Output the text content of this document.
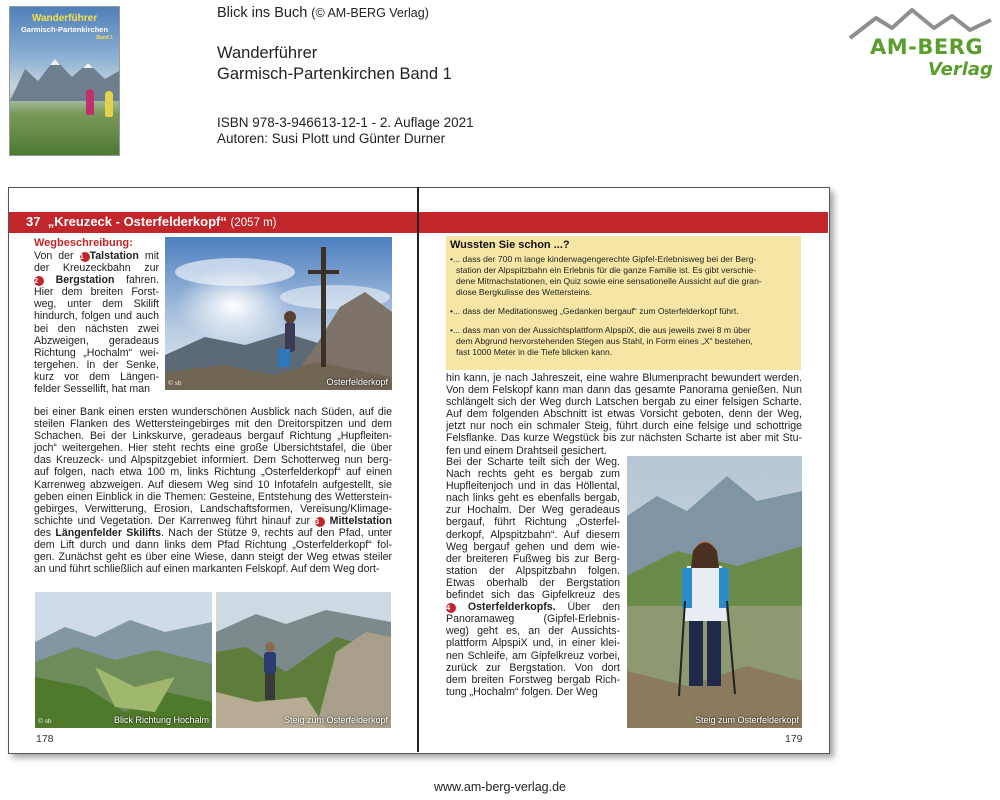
Wanderführer
Garmisch-Partenkirchen
Band 1
Blick ins Buch (© AM-BERG Verlag)
Wanderführer
Garmisch-Partenkirchen Band 1
ISBN 978-3-946613-12-1 - 2. Auflage 2021
Autoren: Susi Plott und Günter Durner
AM-BERG
Verlag
37 „Kreuzeck - Osterfelderkopf“ (2057 m)
Wegbeschreibung:
Von der 1 Talstation mit
der Kreuzeckbahn zur
2 Bergstation fahren.
Hier dem breiten Forst-
weg, unter dem Skilift
hindurch, folgen und auch
bei den nächsten zwei
Abzweigen, geradeaus
Richtung „Hochalm“ wei-
tergehen. In der Senke,
kurz vor dem Längen-
felder Sessellift, hat man
bei einer Bank einen ersten wunderschönen Ausblick nach Süden, auf die
steilen Flanken des Wettersteingebirges mit den Dreitorspitzen und dem
Schachen. Bei der Linkskurve, geradeaus bergauf Richtung „Hupfleiten-
joch“ weitergehen. Hier steht rechts eine große Übersichtstafel, die über
das Kreuzeck- und Alpspitzgebiet informiert. Dem Schotterweg nun berg-
auf folgen, nach etwa 100 m, links Richtung „Osterfelderkopf“ auf einen
Karrenweg abzweigen. Auf diesem Weg sind 10 Infotafeln aufgestellt, sie
geben einen Einblick in die Themen: Gesteine, Entstehung des Wetterstein-
gebirges, Verwitterung, Erosion, Landschaftsformen, Vereisung/Klimage-
schichte und Vegetation. Der Karrenweg führt hinauf zur 3 Mittelstation
des Längenfelder Skilifts. Nach der Stütze 9, rechts auf den Pfad, unter
dem Lift durch und dann links dem Pfad Richtung „Osterfelderkopf“ fol-
gen. Zunächst geht es über eine Wiese, dann steigt der Weg etwas steiler
an und führt schließlich auf einen markanten Felskopf. Auf dem Weg dort-
© sb	Osterfelderkopf
© sb	Blick Richtung Hochalm	Steig zum Osterfelderkopf
178
Wussten Sie schon ...?
•... dass der 700 m lange kinderwagengerechte Gipfel-Erlebnisweg bei der Berg-
station der Alpspitzbahn ein Erlebnis für die ganze Familie ist. Es gibt verschie-
dene Mitmachstationen, ein Quiz sowie eine sensationelle Aussicht auf die gran-
diose Bergkulisse des Wettersteins.
•... dass der Meditationsweg „Gedanken bergauf“ zum Osterfelderkopf führt.
•... dass man von der Aussichtsplattform AlpspiX, die aus jeweils zwei 8 m über
dem Abgrund hervorstehenden Stegen aus Stahl, in Form eines „X“ bestehen,
fast 1000 Meter in die Tiefe blicken kann.
hin kann, je nach Jahreszeit, eine wahre Blumenpracht bewundert werden.
Von dem Felskopf kann man dann das gesamte Panorama genießen. Nun
schlängelt sich der Weg durch Latschen bergab zu einer felsigen Scharte.
Auf dem folgenden Abschnitt ist etwas Vorsicht geboten, denn der Weg,
jetzt nur noch ein schmaler Steig, führt durch eine felsige und schottrige
Felsflanke. Das kurze Wegstück bis zur nächsten Scharte ist aber mit Stu-
fen und einem Drahtseil gesichert.
Bei der Scharte teilt sich der Weg.
Nach rechts geht es bergab zum
Hupfleitenjoch und in das Höllental,
nach links geht es ebenfalls bergab,
zur Hochalm. Der Weg geradeaus
bergauf, führt Richtung „Osterfel-
derkopf, Alpspitzbahn“. Auf diesem
Weg bergauf gehen und dem wie-
der breiteren Fußweg bis zur Berg-
station der Alpspitzbahn folgen.
Etwas oberhalb der Bergstation
befindet sich das Gipfelkreuz des
4 Osterfelderkopfs. Über den
Panoramaweg (Gipfel-Erlebnis-
weg) geht es, an der Aussichts-
plattform AlpspiX und, in einer klei-
nen Schleife, am Gipfelkreuz vorbei,
zurück zur Bergstation. Von dort
dem breiten Forstweg bergab Rich-
tung „Hochalm“ folgen. Der Weg
Steig zum Osterfelderkopf
179
www.am-berg-verlag.de
